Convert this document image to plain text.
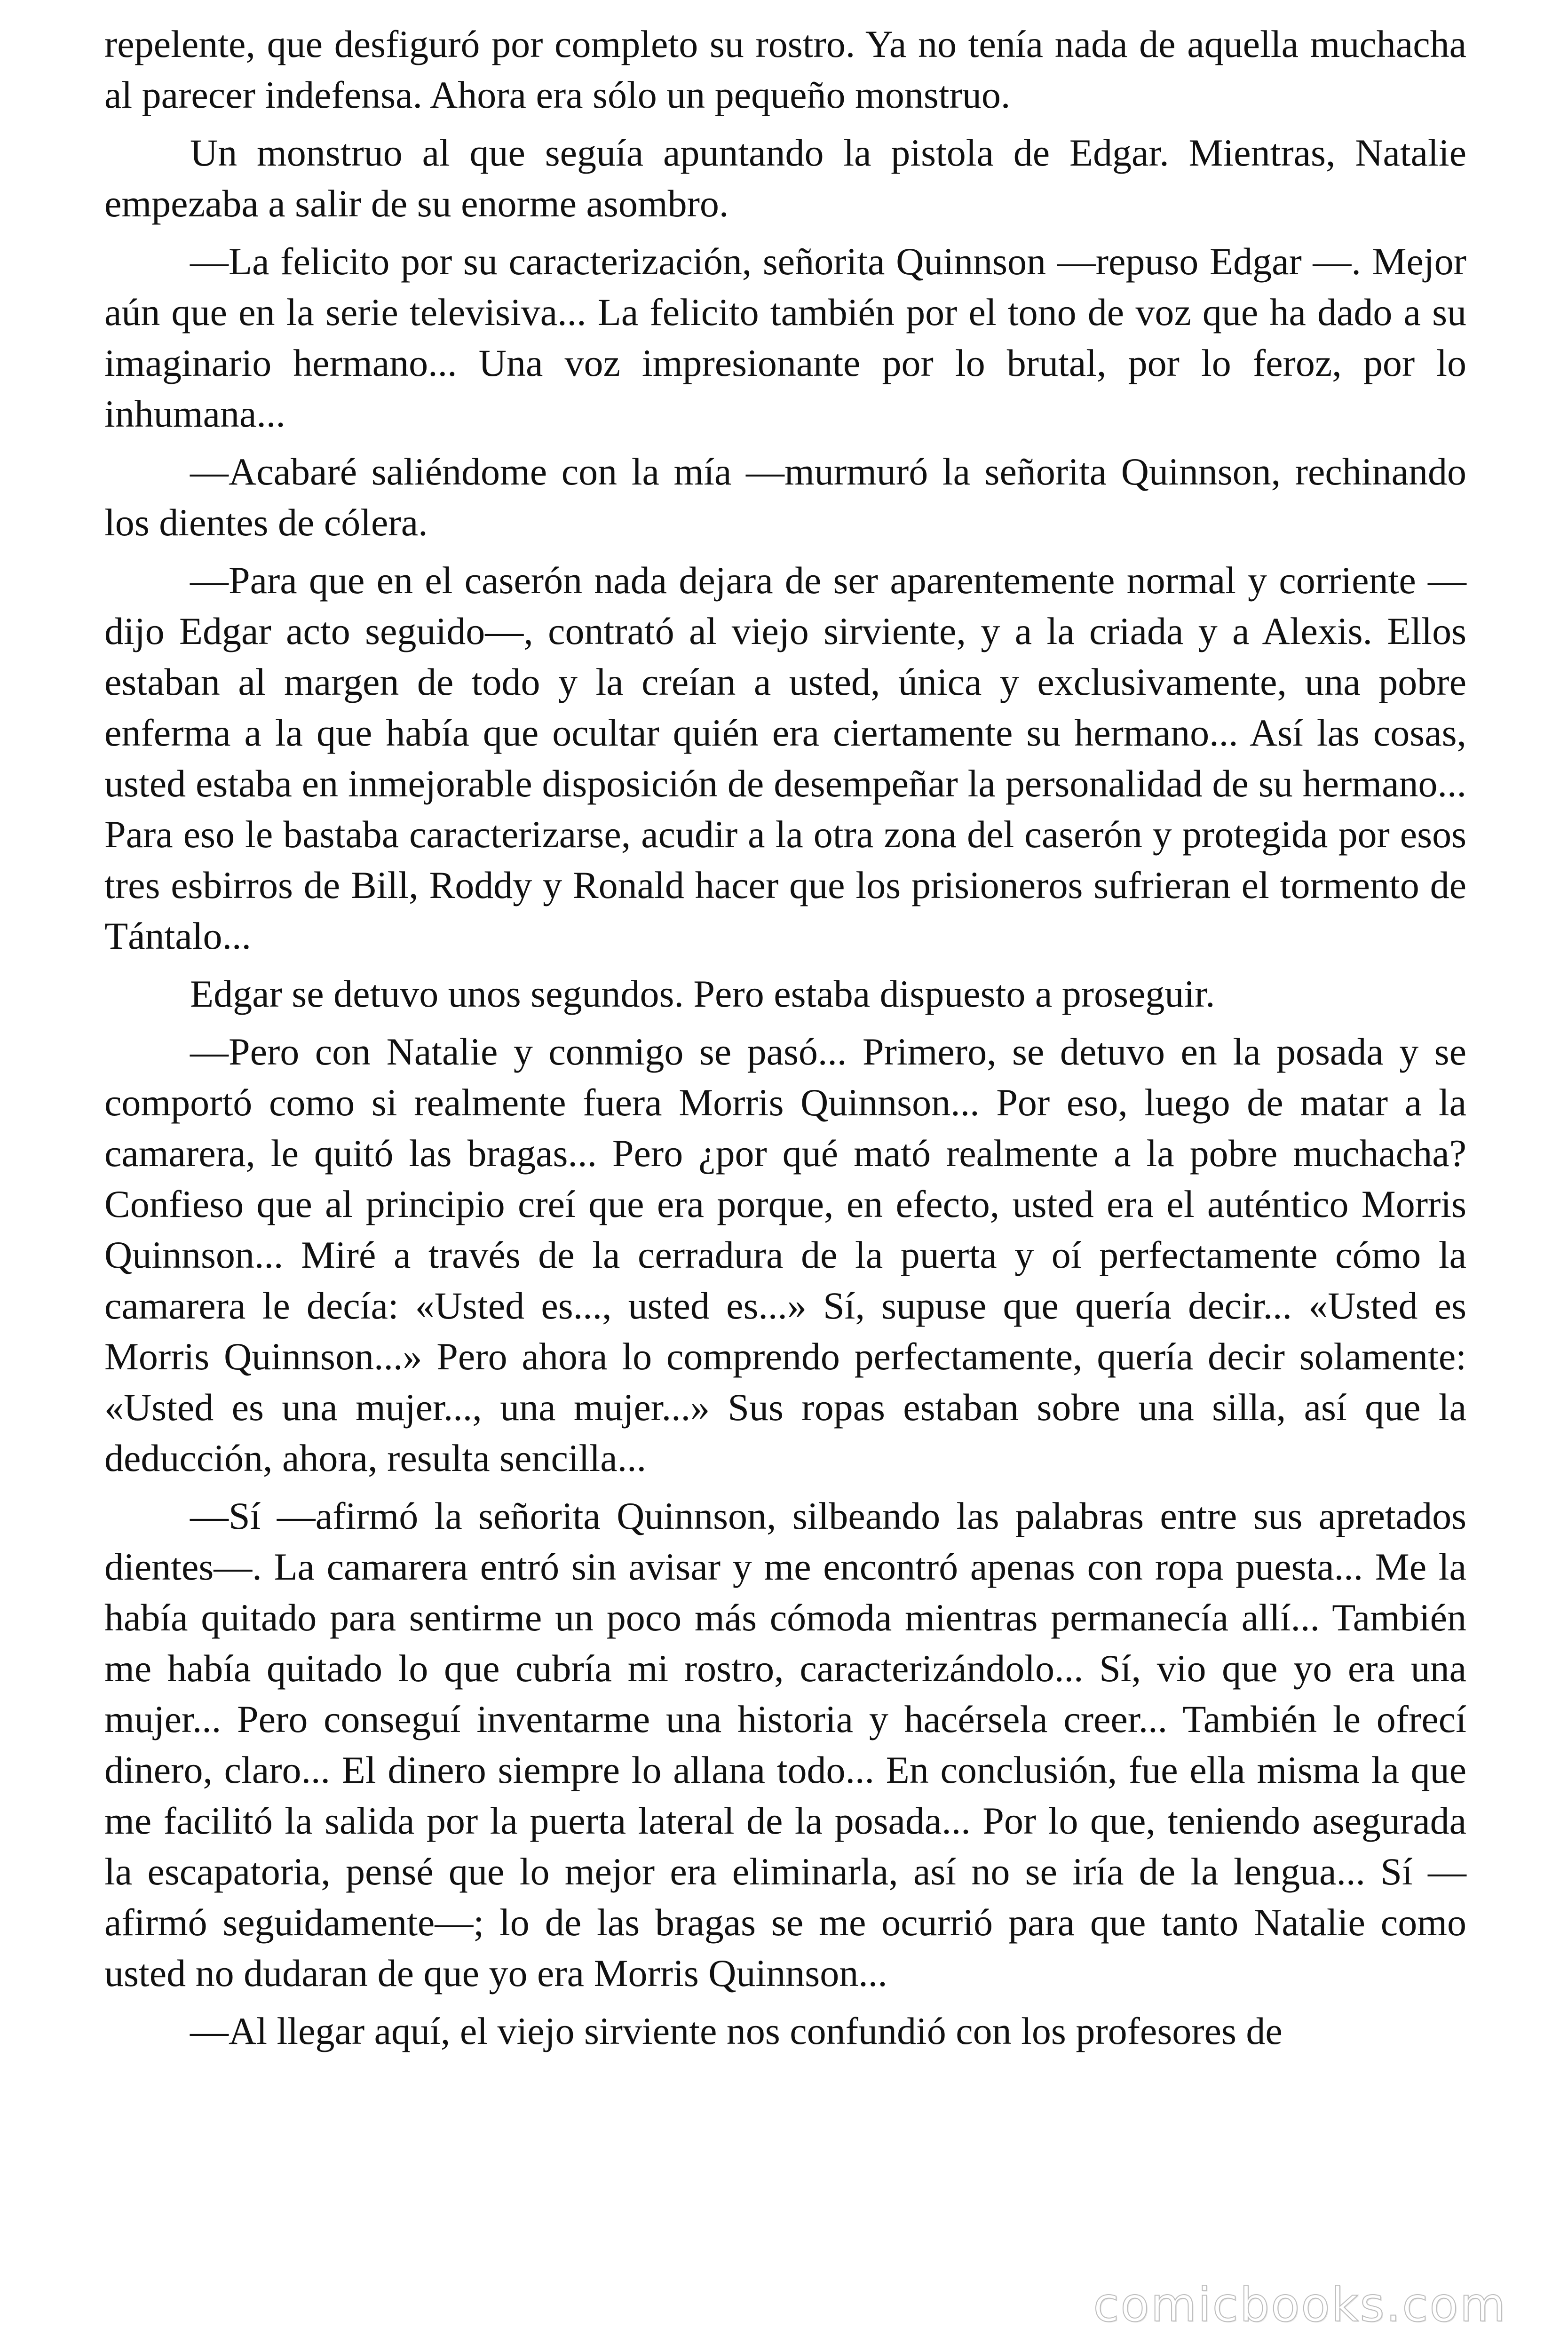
repelente, que desfiguró por completo su rostro. Ya no tenía nada de aquella muchacha al parecer indefensa. Ahora era sólo un pequeño monstruo.

Un monstruo al que seguía apuntando la pistola de Edgar. Mientras, Natalie empezaba a salir de su enorme asombro.

—La felicito por su caracterización, señorita Quinnson —repuso Edgar —. Mejor aún que en la serie televisiva... La felicito también por el tono de voz que ha dado a su imaginario hermano... Una voz impresionante por lo brutal, por lo feroz, por lo inhumana...

—Acabaré saliéndome con la mía —murmuró la señorita Quinnson, rechinando los dientes de cólera.

—Para que en el caserón nada dejara de ser aparentemente normal y corriente —dijo Edgar acto seguido—, contrató al viejo sirviente, y a la criada y a Alexis. Ellos estaban al margen de todo y la creían a usted, única y exclusivamente, una pobre enferma a la que había que ocultar quién era ciertamente su hermano... Así las cosas, usted estaba en inmejorable disposición de desempeñar la personalidad de su hermano... Para eso le bastaba caracterizarse, acudir a la otra zona del caserón y protegida por esos tres esbirros de Bill, Roddy y Ronald hacer que los prisioneros sufrieran el tormento de Tántalo...

Edgar se detuvo unos segundos. Pero estaba dispuesto a proseguir.

—Pero con Natalie y conmigo se pasó... Primero, se detuvo en la posada y se comportó como si realmente fuera Morris Quinnson... Por eso, luego de matar a la camarera, le quitó las bragas... Pero ¿por qué mató realmente a la pobre muchacha? Confieso que al principio creí que era porque, en efecto, usted era el auténtico Morris Quinnson... Miré a través de la cerradura de la puerta y oí perfectamente cómo la camarera le decía: «Usted es..., usted es...» Sí, supuse que quería decir... «Usted es Morris Quinnson...» Pero ahora lo comprendo perfectamente, quería decir solamente: «Usted es una mujer..., una mujer...» Sus ropas estaban sobre una silla, así que la deducción, ahora, resulta sencilla...

—Sí —afirmó la señorita Quinnson, silbeando las palabras entre sus apretados dientes—. La camarera entró sin avisar y me encontró apenas con ropa puesta... Me la había quitado para sentirme un poco más cómoda mientras permanecía allí... También me había quitado lo que cubría mi rostro, caracterizándolo... Sí, vio que yo era una mujer... Pero conseguí inventarme una historia y hacérsela creer... También le ofrecí dinero, claro... El dinero siempre lo allana todo... En conclusión, fue ella misma la que me facilitó la salida por la puerta lateral de la posada... Por lo que, teniendo asegurada la escapatoria, pensé que lo mejor era eliminarla, así no se iría de la lengua... Sí —afirmó seguidamente—; lo de las bragas se me ocurrió para que tanto Natalie como usted no dudaran de que yo era Morris Quinnson...

—Al llegar aquí, el viejo sirviente nos confundió con los profesores de

comicbooks.com
